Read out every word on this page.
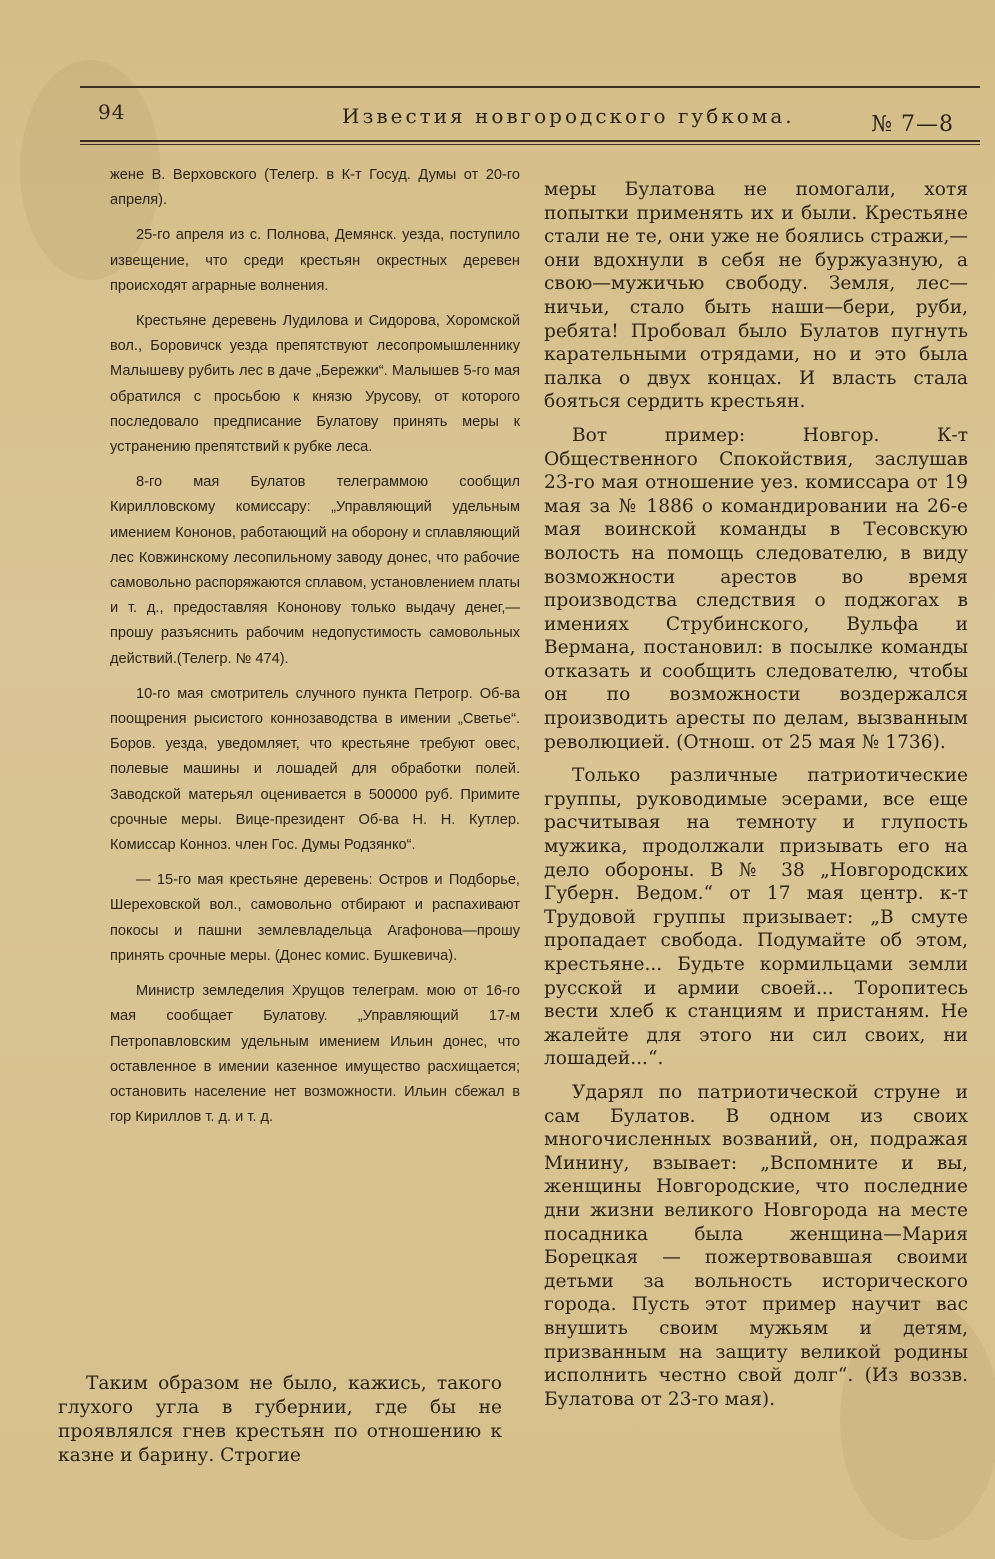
94	Известия новгородского губкома.	№ 7—8

жене В. Верховского (Телегр. в К-т Госуд. Думы от 20-го апреля).

25-го апреля из с. Полнова, Демянск. уезда, поступило извещение, что среди крестьян окрестных деревен происходят аграрные волнения.

Крестьяне деревень Лудилова и Сидорова, Хоромской вол., Боровичск уезда препятствуют лесопромышленнику Малышеву рубить лес в даче „Бережки“. Малышев 5-го мая обратился с просьбою к князю Урусову, от которого последовало предписание Булатову принять меры к устранению препятствий к рубке леса.

8-го мая Булатов телеграммою сообщил Кирилловскому комиссару: „Управляющий удельным имением Кононов, работающий на оборону и сплавляющий лес Ковжинскому лесопильному заводу донес, что рабочие самовольно распоряжаются сплавом, установлением платы и т. д., предоставляя Кононову только выдачу денег,—прошу разъяснить рабочим недопустимость самовольных действий.(Телегр. № 474).

10-го мая смотритель случного пункта Петрогр. Об-ва поощрения рысистого коннозаводства в имении „Светье“. Боров. уезда, уведомляет, что крестьяне требуют овес, полевые машины и лошадей для обработки полей. Заводской матерьял оценивается в 500000 руб. Примите срочные меры. Вице-президент Об-ва Н. Н. Кутлер. Комиссар Конноз. член Гос. Думы Родзянко“.

— 15-го мая крестьяне деревень: Остров и Подборье, Шереховской вол., самовольно отбирают и распахивают покосы и пашни землевладельца Агафонова—прошу принять срочные меры. (Донес комис. Бушкевича).

Министр земледелия Хрущов телеграм. мою от 16-го мая сообщает Булатову. „Управляющий 17-м Петропавловским удельным имением Ильин донес, что оставленное в имении казенное имущество расхищается; остановить население нет возможности. Ильин сбежал в гор Кириллов т. д. и т. д.

Таким образом не было, кажись, такого глухого угла в губернии, где бы не проявлялся гнев крестьян по отношению к казне и барину. Строгие

меры Булатова не помогали, хотя попытки применять их и были. Крестьяне стали не те, они уже не боялись стражи,—они вдохнули в себя не буржуазную, а свою—мужичью свободу. Земля, лес—ничьи, стало быть наши—бери, руби, ребята! Пробовал было Булатов пугнуть карательными отрядами, но и это была палка о двух концах. И власть стала бояться сердить крестьян.

Вот пример: Новгор. К-т Общественного Спокойствия, заслушав 23-го мая отношение уез. комиссара от 19 мая за № 1886 о командировании на 26-е мая воинской команды в Тесовскую волость на помощь следователю, в виду возможности арестов во время производства следствия о поджогах в имениях Струбинского, Вульфа и Вермана, постановил: в посылке команды отказать и сообщить следователю, чтобы он по возможности воздержался производить аресты по делам, вызванным революцией. (Отнош. от 25 мая № 1736).

Только различные патриотические группы, руководимые эсерами, все еще расчитывая на темноту и глупость мужика, продолжали призывать его на дело обороны. В № 38 „Новгородских Губерн. Ведом.“ от 17 мая центр. к-т Трудовой группы призывает: „В смуте пропадает свобода. Подумайте об этом, крестьяне... Будьте кормильцами земли русской и армии своей... Торопитесь вести хлеб к станциям и пристаням. Не жалейте для этого ни сил своих, ни лошадей...“.

Ударял по патриотической струне и сам Булатов. В одном из своих многочисленных возваний, он, подражая Минину, взывает: „Вспомните и вы, женщины Новгородские, что последние дни жизни великого Новгорода на месте посадника была женщина—Мария Борецкая — пожертвовавшая своими детьми за вольность исторического города. Пусть этот пример научит вас внушить своим мужьям и детям, призванным на защиту великой родины исполнить честно свой долг“. (Из воззв. Булатова от 23-го мая).
